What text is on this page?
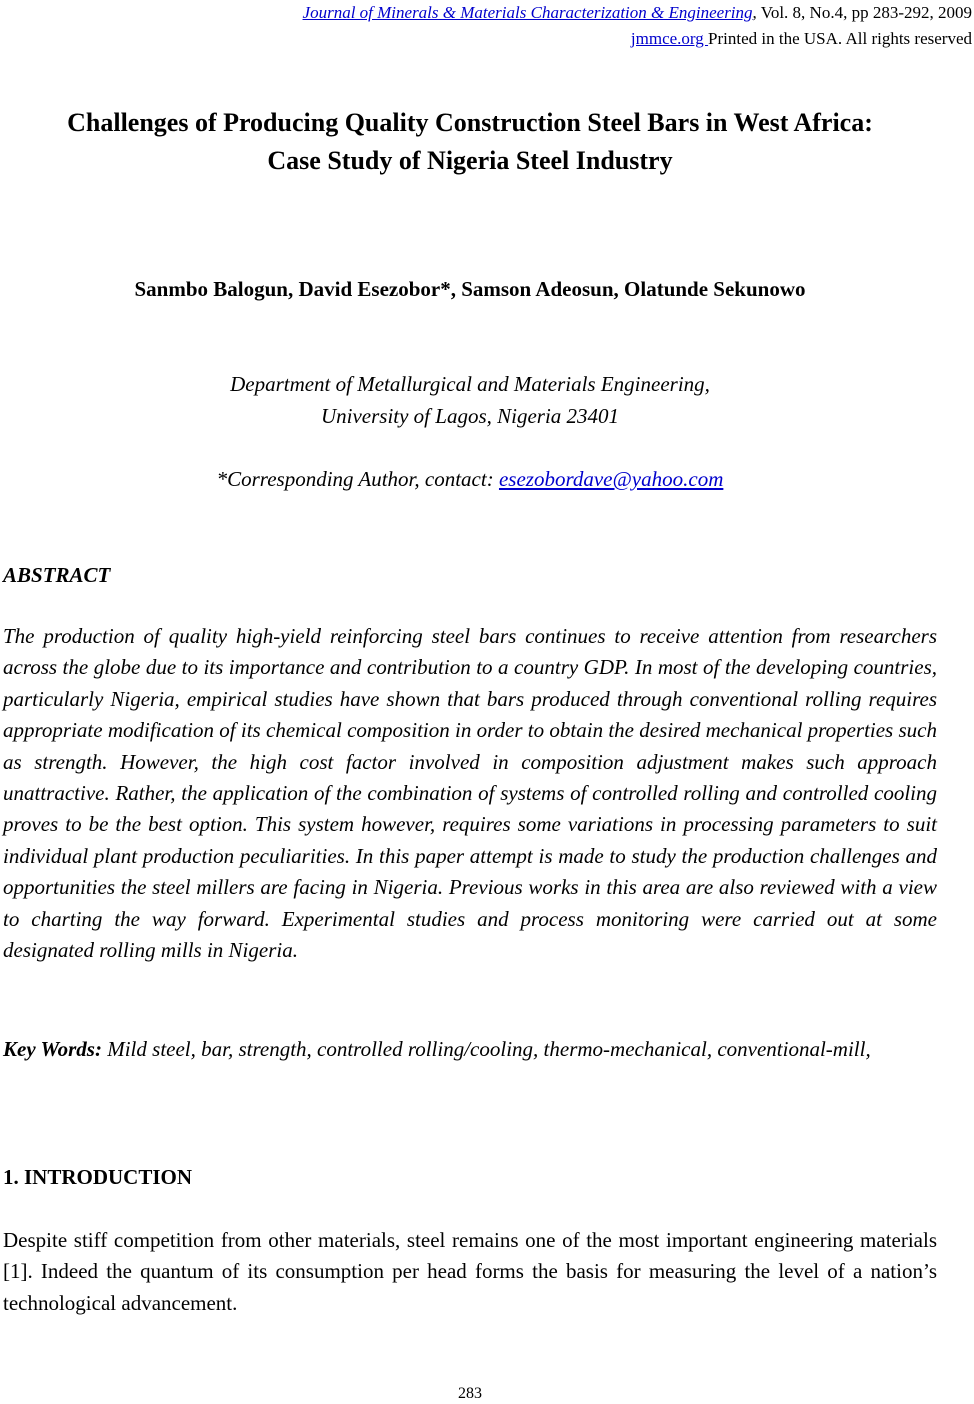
Journal of Minerals & Materials Characterization & Engineering, Vol. 8, No.4, pp 283-292, 2009
jmmce.org Printed in the USA. All rights reserved
Challenges of Producing Quality Construction Steel Bars in West Africa:
Case Study of Nigeria Steel Industry
Sanmbo Balogun, David Esezobor*, Samson Adeosun, Olatunde Sekunowo
Department of Metallurgical and Materials Engineering,
University of Lagos, Nigeria 23401
*Corresponding Author, contact: esezobordave@yahoo.com
ABSTRACT
The production of quality high-yield reinforcing steel bars continues to receive attention from researchers across the globe due to its importance and contribution to a country GDP. In most of the developing countries, particularly Nigeria, empirical studies have shown that bars produced through conventional rolling requires appropriate modification of its chemical composition in order to obtain the desired mechanical properties such as strength. However, the high cost factor involved in composition adjustment makes such approach unattractive. Rather, the application of the combination of systems of controlled rolling and controlled cooling proves to be the best option. This system however, requires some variations in processing parameters to suit individual plant production peculiarities. In this paper attempt is made to study the production challenges and opportunities the steel millers are facing in Nigeria. Previous works in this area are also reviewed with a view to charting the way forward. Experimental studies and process monitoring were carried out at some designated rolling mills in Nigeria.
Key Words: Mild steel, bar, strength, controlled rolling/cooling, thermo-mechanical, conventional-mill,
1. INTRODUCTION
Despite stiff competition from other materials, steel remains one of the most important engineering materials [1]. Indeed the quantum of its consumption per head forms the basis for measuring the level of a nation’s technological advancement.
283
